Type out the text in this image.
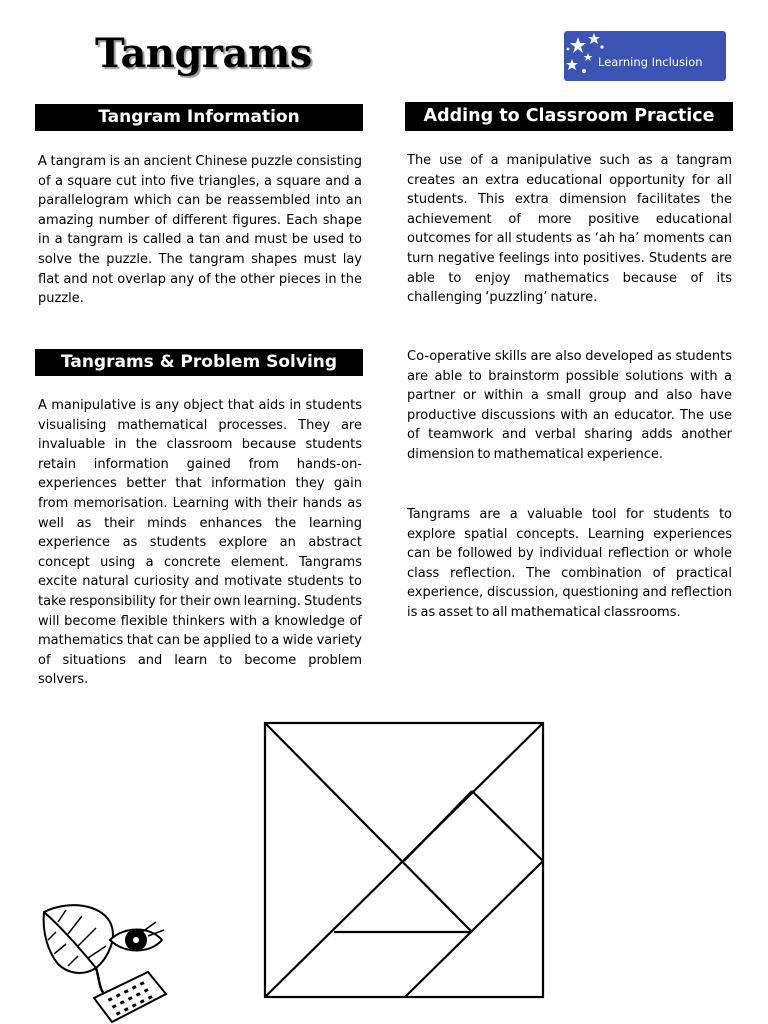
Tangrams	Learning Inclusion
Tangram Information

A tangram is an ancient Chinese puzzle consisting of a square cut into five triangles, a square and a parallelogram which can be reassembled into an amazing number of different figures. Each shape in a tangram is called a tan and must be used to solve the puzzle. The tangram shapes must lay flat and not overlap any of the other pieces in the puzzle.

Tangrams & Problem Solving

A manipulative is any object that aids in students visualising mathematical processes. They are invaluable in the classroom because students retain information gained from hands-on-experiences better that information they gain from memorisation. Learning with their hands as well as their minds enhances the learning experience as students explore an abstract concept using a concrete element. Tangrams excite natural curiosity and motivate students to take responsibility for their own learning. Students will become flexible thinkers with a knowledge of mathematics that can be applied to a wide variety of situations and learn to become problem solvers.

Adding to Classroom Practice

The use of a manipulative such as a tangram creates an extra educational opportunity for all students. This extra dimension facilitates the achievement of more positive educational outcomes for all students as ‘ah ha’ moments can turn negative feelings into positives. Students are able to enjoy mathematics because of its challenging ‘puzzling’ nature.

Co-operative skills are also developed as students are able to brainstorm possible solutions with a partner or within a small group and also have productive discussions with an educator. The use of teamwork and verbal sharing adds another dimension to mathematical experience.

Tangrams are a valuable tool for students to explore spatial concepts. Learning experiences can be followed by individual reflection or whole class reflection. The combination of practical experience, discussion, questioning and reflection is as asset to all mathematical classrooms.
